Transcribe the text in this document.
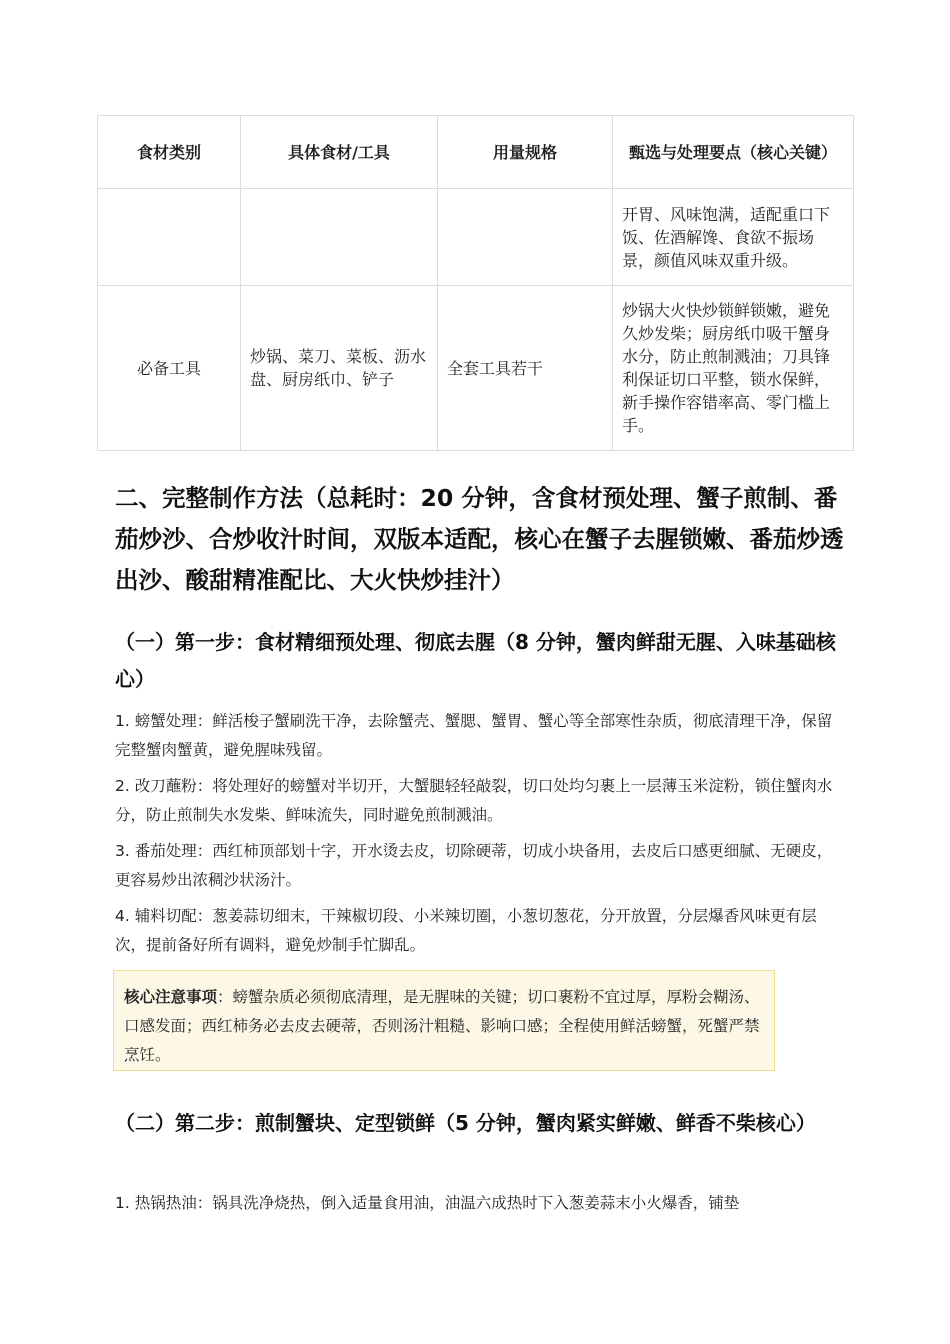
食材类别	具体食材/工具	用量规格	甄选与处理要点（核心关键）
			开胃、风味饱满，适配重口下饭、佐酒解馋、食欲不振场景，颜值风味双重升级。
必备工具	炒锅、菜刀、菜板、沥水盘、厨房纸巾、铲子	全套工具若干	炒锅大火快炒锁鲜锁嫩，避免久炒发柴；厨房纸巾吸干蟹身水分，防止煎制溅油；刀具锋利保证切口平整，锁水保鲜，新手操作容错率高、零门槛上手。
二、完整制作方法（总耗时：20 分钟，含食材预处理、蟹子煎制、番茄炒沙、合炒收汁时间，双版本适配，核心在蟹子去腥锁嫩、番茄炒透出沙、酸甜精准配比、大火快炒挂汁）
（一）第一步：食材精细预处理、彻底去腥（8 分钟，蟹肉鲜甜无腥、入味基础核心）
1. 螃蟹处理：鲜活梭子蟹刷洗干净，去除蟹壳、蟹腮、蟹胃、蟹心等全部寒性杂质，彻底清理干净，保留完整蟹肉蟹黄，避免腥味残留。
2. 改刀蘸粉：将处理好的螃蟹对半切开，大蟹腿轻轻敲裂，切口处均匀裹上一层薄玉米淀粉，锁住蟹肉水分，防止煎制失水发柴、鲜味流失，同时避免煎制溅油。
3. 番茄处理：西红柿顶部划十字，开水烫去皮，切除硬蒂，切成小块备用，去皮后口感更细腻、无硬皮，更容易炒出浓稠沙状汤汁。
4. 辅料切配：葱姜蒜切细末，干辣椒切段、小米辣切圈，小葱切葱花，分开放置，分层爆香风味更有层次，提前备好所有调料，避免炒制手忙脚乱。
核心注意事项：螃蟹杂质必须彻底清理，是无腥味的关键；切口裹粉不宜过厚，厚粉会糊汤、口感发面；西红柿务必去皮去硬蒂，否则汤汁粗糙、影响口感；全程使用鲜活螃蟹，死蟹严禁烹饪。
（二）第二步：煎制蟹块、定型锁鲜（5 分钟，蟹肉紧实鲜嫩、鲜香不柴核心）
1. 热锅热油：锅具洗净烧热，倒入适量食用油，油温六成热时下入葱姜蒜末小火爆香，铺垫
